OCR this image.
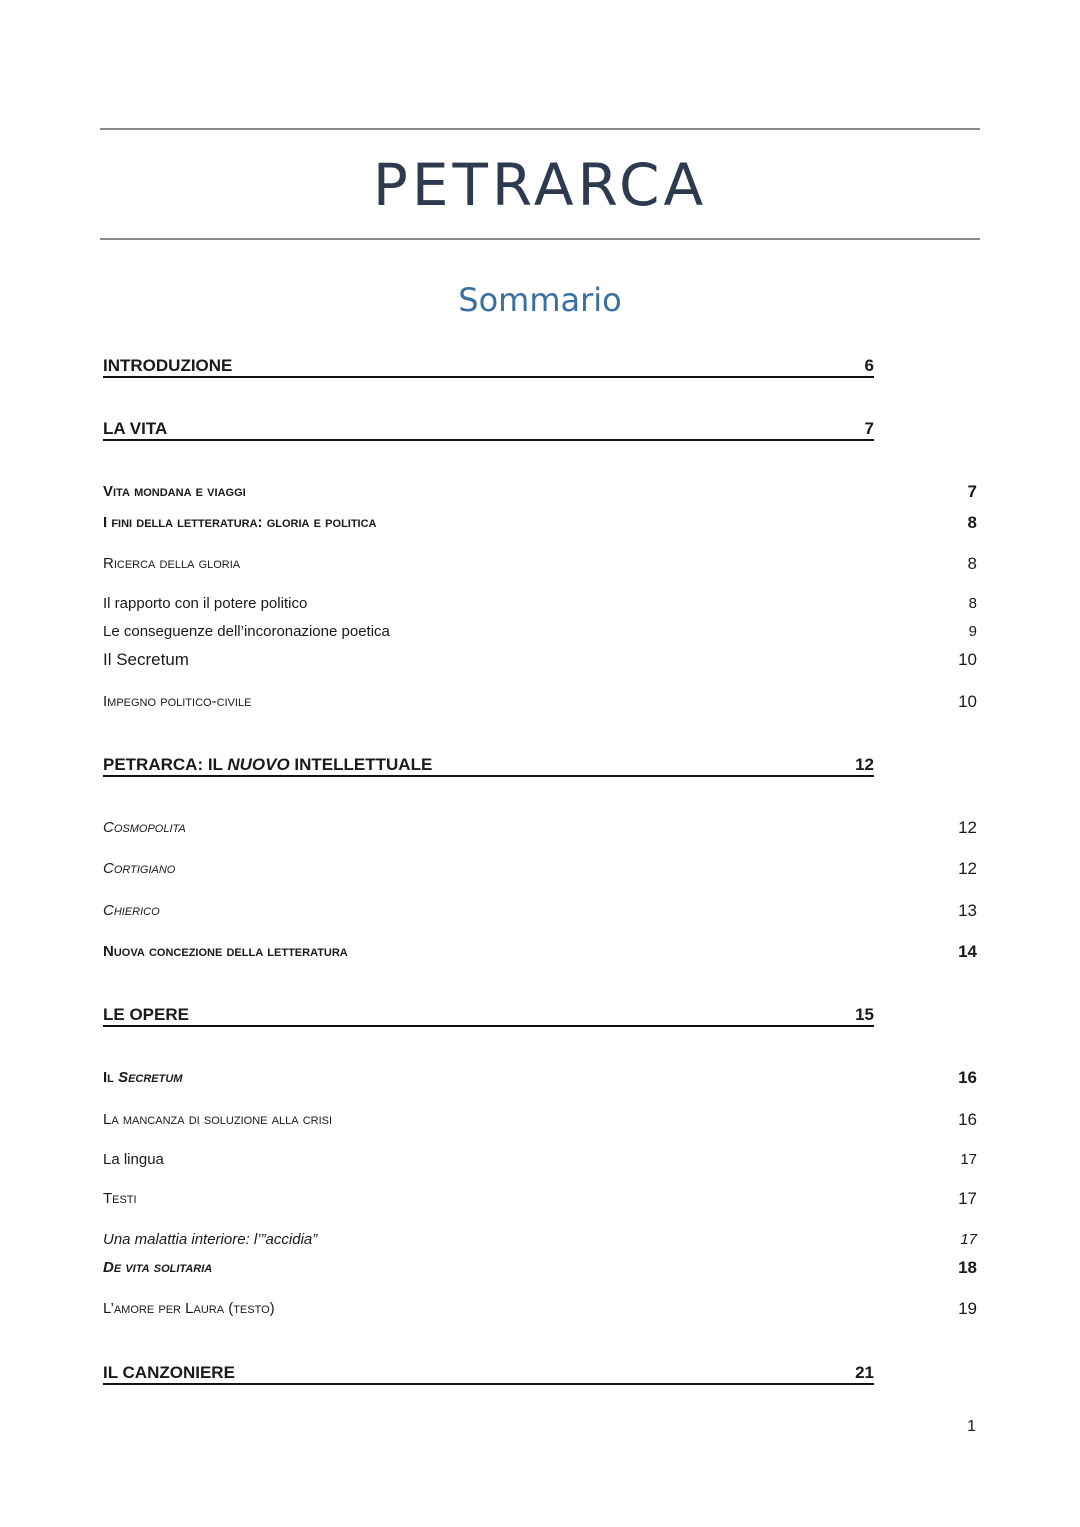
PETRARCA
Sommario
INTRODUZIONE	6
LA VITA	7
Vita mondana e viaggi	7
I fini della letteratura: gloria e politica	8
Ricerca della gloria	8
Il rapporto con il potere politico	8
Le conseguenze dell’incoronazione poetica	9
Il Secretum	10
Impegno politico-civile	10
PETRARCA: IL NUOVO INTELLETTUALE	12
Cosmopolita	12
Cortigiano	12
Chierico	13
Nuova concezione della letteratura	14
LE OPERE	15
Il Secretum	16
La mancanza di soluzione alla crisi	16
La lingua	17
Testi	17
Una malattia interiore: l’”accidia”	17
De vita solitaria	18
L’amore per Laura (testo)	19
IL CANZONIERE	21
1
